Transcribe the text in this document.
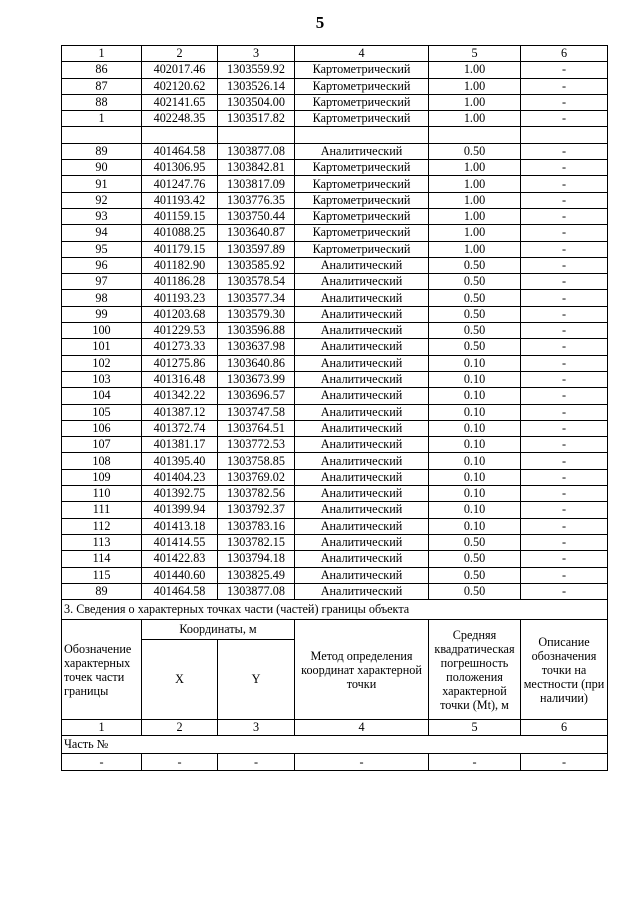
5
1	2	3	4	5	6
86	402017.46	1303559.92	Картометрический	1.00	-
87	402120.62	1303526.14	Картометрический	1.00	-
88	402141.65	1303504.00	Картометрический	1.00	-
1	402248.35	1303517.82	Картометрический	1.00	-

89	401464.58	1303877.08	Аналитический	0.50	-
90	401306.95	1303842.81	Картометрический	1.00	-
91	401247.76	1303817.09	Картометрический	1.00	-
92	401193.42	1303776.35	Картометрический	1.00	-
93	401159.15	1303750.44	Картометрический	1.00	-
94	401088.25	1303640.87	Картометрический	1.00	-
95	401179.15	1303597.89	Картометрический	1.00	-
96	401182.90	1303585.92	Аналитический	0.50	-
97	401186.28	1303578.54	Аналитический	0.50	-
98	401193.23	1303577.34	Аналитический	0.50	-
99	401203.68	1303579.30	Аналитический	0.50	-
100	401229.53	1303596.88	Аналитический	0.50	-
101	401273.33	1303637.98	Аналитический	0.50	-
102	401275.86	1303640.86	Аналитический	0.10	-
103	401316.48	1303673.99	Аналитический	0.10	-
104	401342.22	1303696.57	Аналитический	0.10	-
105	401387.12	1303747.58	Аналитический	0.10	-
106	401372.74	1303764.51	Аналитический	0.10	-
107	401381.17	1303772.53	Аналитический	0.10	-
108	401395.40	1303758.85	Аналитический	0.10	-
109	401404.23	1303769.02	Аналитический	0.10	-
110	401392.75	1303782.56	Аналитический	0.10	-
111	401399.94	1303792.37	Аналитический	0.10	-
112	401413.18	1303783.16	Аналитический	0.10	-
113	401414.55	1303782.15	Аналитический	0.50	-
114	401422.83	1303794.18	Аналитический	0.50	-
115	401440.60	1303825.49	Аналитический	0.50	-
89	401464.58	1303877.08	Аналитический	0.50	-
3. Сведения о характерных точках части (частей) границы объекта					
Обозначение характерных точек части границы	Координаты, м		Метод определения координат характерной точки	Средняя квадратическая погрешность положения характерной точки (Mt), м	Описание обозначения точки на местности (при наличии)
	X	Y			
1	2	3	4	5	6
Часть №					
-	-	-	-	-	-
